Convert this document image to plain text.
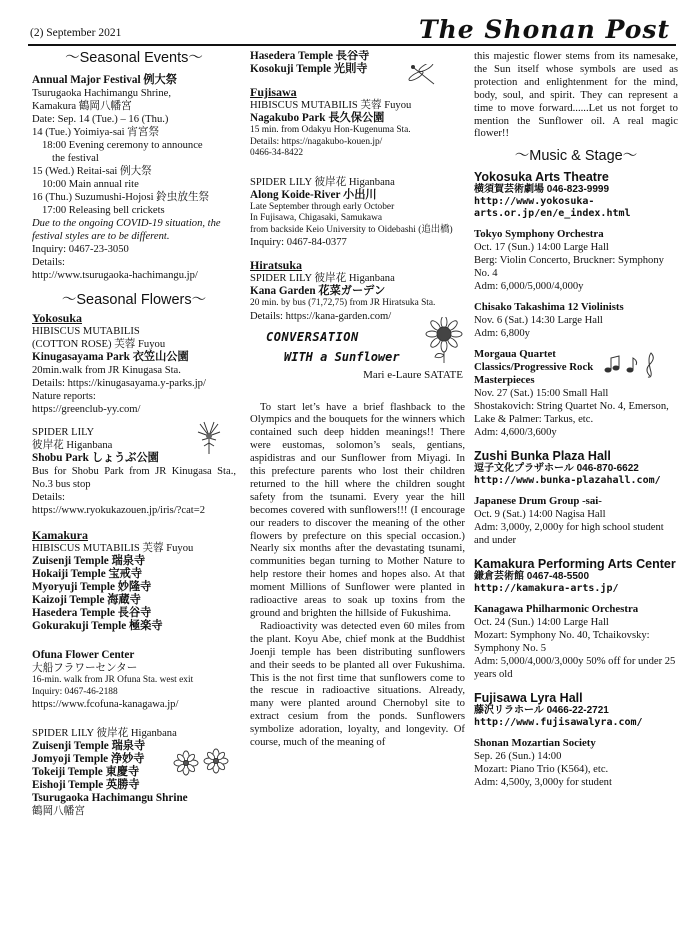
(2) September 2021	The Shonan Post
〜Seasonal Events〜
Annual Major Festival 例大祭
Tsurugaoka Hachimangu Shrine,
Kamakura 鶴岡八幡宮
Date: Sep. 14 (Tue.) – 16 (Thu.)
14 (Tue.) Yoimiya-sai 宵宮祭
18:00 Evening ceremony to announce
the festival
15 (Wed.) Reitai-sai 例大祭
10:00 Main annual rite
16 (Thu.) Suzumushi-Hojosi 鈴虫放生祭
17:00 Releasing bell crickets
Due to the ongoing COVID-19 situation, the festival styles are to be different.
Inquiry: 0467-23-3050
Details:
http://www.tsurugaoka-hachimangu.jp/
〜Seasonal Flowers〜
Yokosuka
HIBISCUS MUTABILIS
(COTTON ROSE) 芙蓉 Fuyou
Kinugasayama Park 衣笠山公園
20min.walk from JR Kinugasa Sta.
Details: https://kinugasayama.y-parks.jp/
Nature reports:
https://greenclub-yy.com/
SPIDER LILY
彼岸花 Higanbana
Shobu Park しょうぶ公園
Bus for Shobu Park from JR Kinugasa Sta., No.3 bus stop
Details:
https://www.ryokukazouen.jp/iris/?cat=2
Kamakura
HIBISCUS MUTABILIS 芙蓉 Fuyou
Zuisenji Temple 瑞泉寺
Hokaiji Temple 宝戒寺
Myoryuji Temple 妙隆寺
Kaizoji Temple 海蔵寺
Hasedera Temple 長谷寺
Gokurakuji Temple 極楽寺
Ofuna Flower Center
大船フラワーセンター
16-min. walk from JR Ofuna Sta. west exit
Inquiry: 0467-46-2188
https://www.fcofuna-kanagawa.jp/
SPIDER LILY 彼岸花 Higanbana
Zuisenji Temple 瑞泉寺
Jomyoji Temple 浄妙寺
Tokeiji Temple 東慶寺
Eishoji Temple 英勝寺
Tsurugaoka Hachimangu Shrine
鶴岡八幡宮
Hasedera Temple 長谷寺
Kosokuji Temple 光則寺
Fujisawa
HIBISCUS MUTABILIS 芙蓉 Fuyou
Nagakubo Park 長久保公園
15 min. from Odakyu Hon-Kugenuma Sta.
Details: https://nagakubo-kouen.jp/
0466-34-8422
SPIDER LILY 彼岸花 Higanbana
Along Koide-River 小出川
Late September through early October
In Fujisawa, Chigasaki, Samukawa
from backside Keio University to Oidebashi (追出橋)
Inquiry: 0467-84-0377
Hiratsuka
SPIDER LILY 彼岸花 Higanbana
Kana Garden 花菜ガーデン
20 min. by bus (71,72,75) from JR Hiratsuka Sta.
Details: https://kana-garden.com/
CONVERSATION
WITH a Sunflower
Mari e-Laure SATATE

To start let’s have a brief flashback to the Olympics and the bouquets for the winners which contained such deep hidden meanings!! There were eustomas, solomon’s seals, gentians, aspidistras and our Sunflower from Miyagi. In this prefecture parents who lost their children returned to the hill where the children sought safety from the tsunami. Every year the hill becomes covered with sunflowers!!! (I encourage our readers to discover the meaning of the other flowers by prefecture on this special occasion.) Nearly six months after the devastating tsunami, communities began turning to Mother Nature to help restore their homes and hopes also. At that moment Millions of Sunflower were planted in radioactive areas to soak up toxins from the ground and brighten the hillside of Fukushima.

Radioactivity was detected even 60 miles from the plant. Koyu Abe, chief monk at the Buddhist Joenji temple has been distributing sunflowers and their seeds to be planted all over Fukushima. This is the not first time that sunflowers come to the rescue in radioactive situations. Already, many were planted around Chernobyl site to extract cesium from the ponds. Sunflowers symbolize adoration, loyalty, and longevity. Of course, much of the meaning of

this majestic flower stems from its namesake, the Sun itself whose symbols are used as protection and enlightenment for the mind, body, soul, and spirit. They can represent a time to move forward......Let us not forget to mention the Sunflower oil. A real magic flower!!
〜Music & Stage〜
Yokosuka Arts Theatre
横須賀芸術劇場 046-823-9999
http://www.yokosuka-arts.or.jp/en/e_index.html
Tokyo Symphony Orchestra
Oct. 17 (Sun.) 14:00 Large Hall
Berg: Violin Concerto, Bruckner: Symphony No. 4
Adm: 6,000/5,000/4,000y
Chisako Takashima 12 Violinists
Nov. 6 (Sat.) 14:30 Large Hall
Adm: 6,800y
Morgaua Quartet Classics/Progressive Rock Masterpieces
Nov. 27 (Sat.) 15:00 Small Hall
Shostakovich: String Quartet No. 4, Emerson, Lake & Palmer: Tarkus, etc.
Adm: 4,600/3,600y
Zushi Bunka Plaza Hall
逗子文化プラザホール 046-870-6622
http://www.bunka-plazahall.com/
Japanese Drum Group -sai-
Oct. 9 (Sat.) 14:00 Nagisa Hall
Adm: 3,000y, 2,000y for high school student and under
Kamakura Performing Arts Center
鎌倉芸術館 0467-48-5500
http://kamakura-arts.jp/
Kanagawa Philharmonic Orchestra
Oct. 24 (Sun.) 14:00 Large Hall
Mozart: Symphony No. 40, Tchaikovsky: Symphony No. 5
Adm: 5,000/4,000/3,000y 50% off for under 25 years old
Fujisawa Lyra Hall
藤沢リラホール 0466-22-2721
http://www.fujisawalyra.com/
Shonan Mozartian Society
Sep. 26 (Sun.) 14:00
Mozart: Piano Trio (K564), etc.
Adm: 4,500y, 3,000y for student
